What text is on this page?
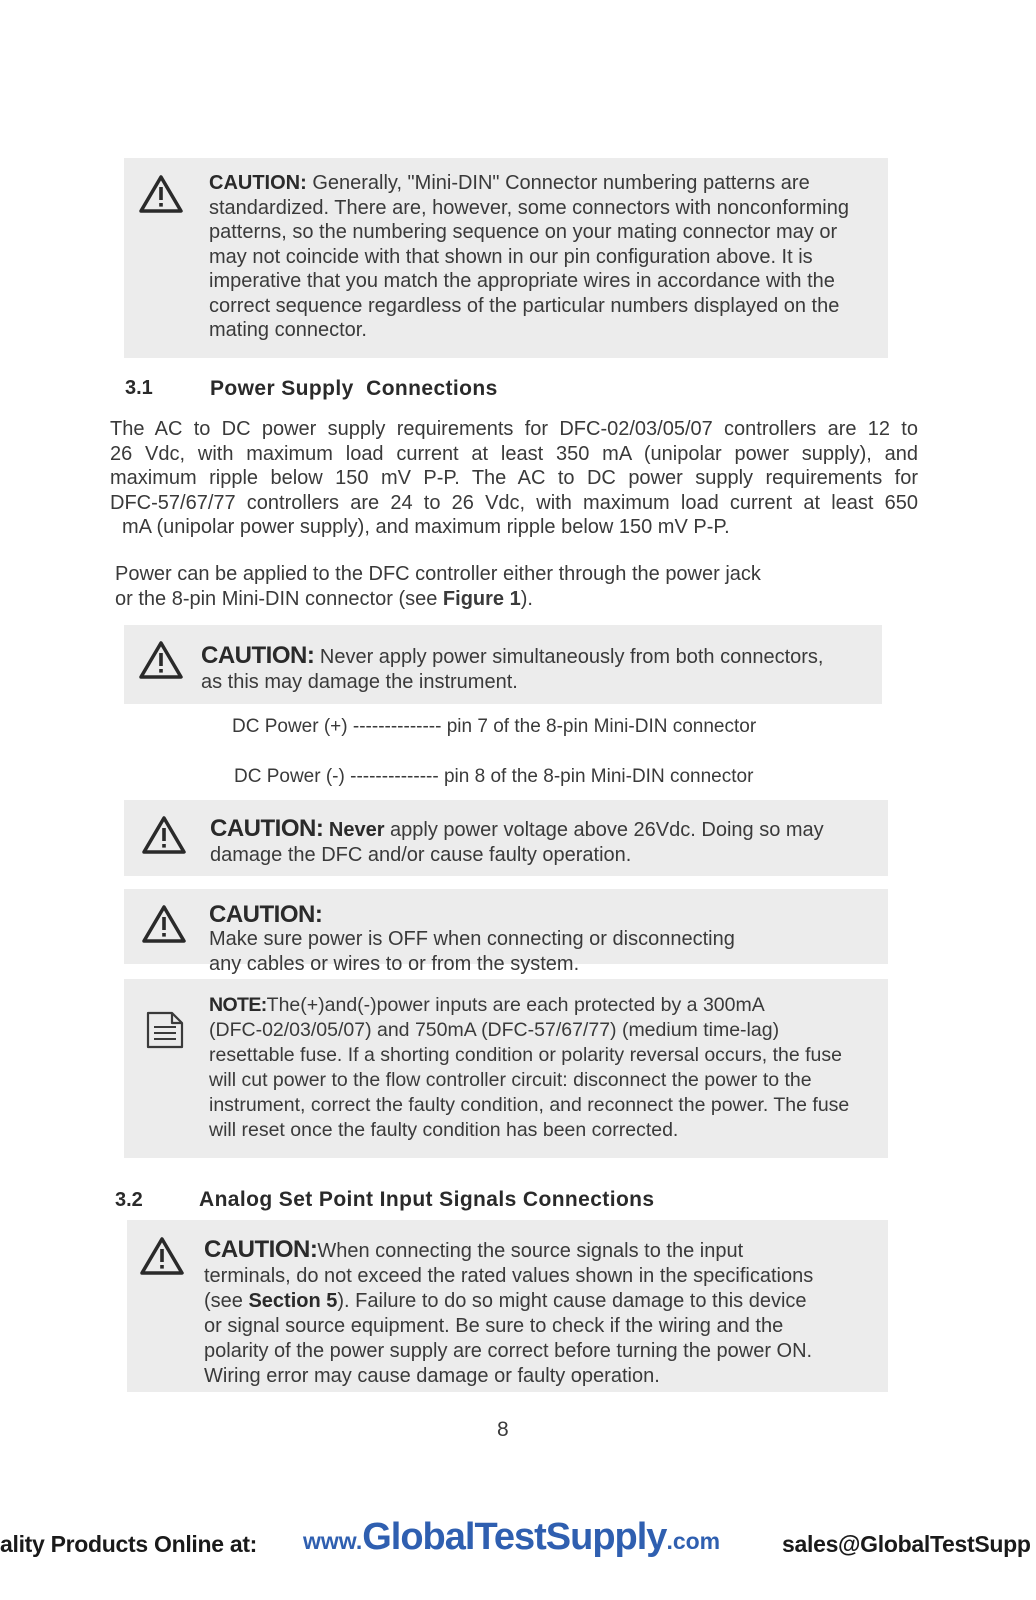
CAUTION: Generally, "Mini-DIN" Connector numbering patterns are standardized. There are, however, some connectors with nonconforming patterns, so the numbering sequence on your mating connector may or may not coincide with that shown in our pin configuration above. It is imperative that you match the appropriate wires in accordance with the correct sequence regardless of the particular numbers displayed on the mating connector.
3.1	Power Supply  Connections
The AC to DC power supply requirements for DFC-02/03/05/07 controllers are 12 to
26 Vdc, with maximum load current at least 350 mA (unipolar power supply), and
maximum ripple below 150 mV P-P. The AC to DC power supply requirements for
DFC-57/67/77 controllers are 24 to 26 Vdc, with maximum load current at least 650
mA (unipolar power supply), and maximum ripple below 150 mV P-P.
Power can be applied to the DFC controller either through the power jack
or the 8-pin Mini-DIN connector (see Figure 1).
CAUTION: Never apply power simultaneously from both connectors,
as this may damage the instrument.
DC Power (+) -------------- pin 7 of the 8-pin Mini-DIN connector
DC Power (-) -------------- pin 8 of the 8-pin Mini-DIN connector
CAUTION: Never apply power voltage above 26Vdc. Doing so may
damage the DFC and/or cause faulty operation.
CAUTION:
Make sure power is OFF when connecting or disconnecting
any cables or wires to or from the system.
NOTE:The(+)and(-)power inputs are each protected by a 300mA
(DFC-02/03/05/07) and 750mA (DFC-57/67/77) (medium time-lag)
resettable fuse. If a shorting condition or polarity reversal occurs, the fuse
will cut power to the flow controller circuit: disconnect the power to the
instrument, correct the faulty condition, and reconnect the power. The fuse
will reset once the faulty condition has been corrected.
3.2	Analog Set Point Input Signals Connections
CAUTION:When connecting the source signals to the input
terminals, do not exceed the rated values shown in the specifications
(see Section 5). Failure to do so might cause damage to this device
or signal source equipment. Be sure to check if the wiring and the
polarity of the power supply are correct before turning the power ON.
Wiring error may cause damage or faulty operation.
8
ality Products Online at: www.GlobalTestSupply.com	sales@GlobalTestSupp
